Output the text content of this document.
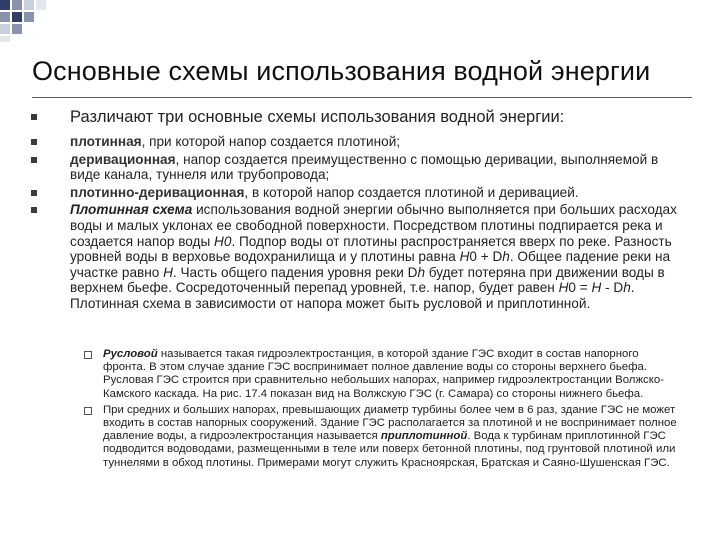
Основные схемы использования водной энергии
Различают три основные схемы использования водной энергии:
плотинная, при которой напор создается плотиной;
деривационная, напор создается преимущественно с помощью деривации, выполняемой в виде канала, туннеля или трубопровода;
плотинно-деривационная, в которой напор создается плотиной и деривацией.
Плотинная схема использования водной энергии обычно выполняется при больших расходах воды и малых уклонах ее свободной поверхности. Посредством плотины подпирается река и создается напор воды H0. Подпор воды от плотины распространяется вверх по реке. Разность уровней воды в верховье водохранилища и у плотины равна H0 + Dh. Общее падение реки на участке равно H. Часть общего падения уровня реки Dh будет потеряна при движении воды в верхнем бьефе. Сосредоточенный перепад уровней, т.е. напор, будет равен H0 = H - Dh. Плотинная схема в зависимости от напора может быть русловой и приплотинной.
Русловой называется такая гидроэлектростанция, в которой здание ГЭС входит в состав напорного фронта. В этом случае здание ГЭС воспринимает полное давление воды со стороны верхнего бьефа. Русловая ГЭС строится при сравнительно небольших напорах, например гидроэлектростанции Волжско-Камского каскада. На рис. 17.4 показан вид на Волжскую ГЭС (г. Самара) со стороны нижнего бьефа.
При средних и больших напорах, превышающих диаметр турбины более чем в 6 раз, здание ГЭС не может входить в состав напорных сооружений. Здание ГЭС располагается за плотиной и не воспринимает полное давление воды, а гидроэлектростанция называется приплотинной. Вода к турбинам приплотинной ГЭС подводится водоводами, размещенными в теле или поверх бетонной плотины, под грунтовой плотиной или туннелями в обход плотины. Примерами могут служить Красноярская, Братская и Саяно-Шушенская ГЭС.
